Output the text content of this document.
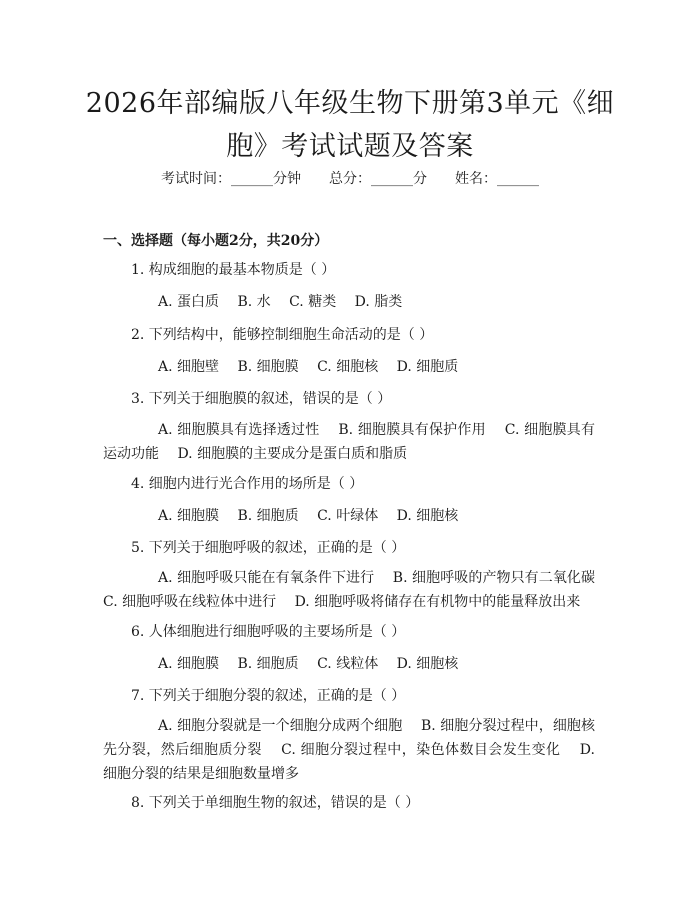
2026年部编版八年级生物下册第3单元《细胞》考试试题及答案
考试时间：______分钟　　总分：______分　　姓名：______
一、选择题（每小题2分，共20分）
1. 构成细胞的最基本物质是（ ）
A. 蛋白质　 B. 水　 C. 糖类　 D. 脂类
2. 下列结构中，能够控制细胞生命活动的是（ ）
A. 细胞壁　 B. 细胞膜　 C. 细胞核　 D. 细胞质
3. 下列关于细胞膜的叙述，错误的是（ ）
A. 细胞膜具有选择透过性　 B. 细胞膜具有保护作用　 C. 细胞膜具有运动功能　 D. 细胞膜的主要成分是蛋白质和脂质
4. 细胞内进行光合作用的场所是（ ）
A. 细胞膜　 B. 细胞质　 C. 叶绿体　 D. 细胞核
5. 下列关于细胞呼吸的叙述，正确的是（ ）
A. 细胞呼吸只能在有氧条件下进行　 B. 细胞呼吸的产物只有二氧化碳 C. 细胞呼吸在线粒体中进行　 D. 细胞呼吸将储存在有机物中的能量释放出来
6. 人体细胞进行细胞呼吸的主要场所是（ ）
A. 细胞膜　 B. 细胞质　 C. 线粒体　 D. 细胞核
7. 下列关于细胞分裂的叙述，正确的是（ ）
A. 细胞分裂就是一个细胞分成两个细胞　 B. 细胞分裂过程中，细胞核先分裂，然后细胞质分裂　 C. 细胞分裂过程中，染色体数目会发生变化　 D. 细胞分裂的结果是细胞数量增多
8. 下列关于单细胞生物的叙述，错误的是（ ）
